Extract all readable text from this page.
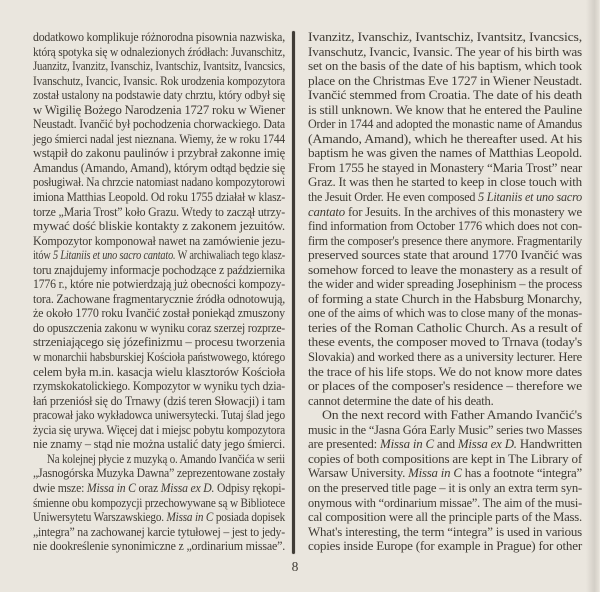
dodatkowo komplikuje różnorodna pisownia nazwiska,
którą spotyka się w odnalezionych źródłach: Juvanschitz,
Juanzitz, Ivanzitz, Ivanschiz, Ivantschiz, Ivantsitz, Ivancsics,
Ivanschutz, Ivancic, Ivansic. Rok urodzenia kompozytora
został ustalony na podstawie daty chrztu, który odbył się
w Wigilię Bożego Narodzenia 1727 roku w Wiener
Neustadt. Ivančić był pochodzenia chorwackiego. Data
jego śmierci nadal jest nieznana. Wiemy, że w roku 1744
wstąpił do zakonu paulinów i przybrał zakonne imię
Amandus (Amando, Amand), którym odtąd będzie się
posługiwał. Na chrzcie natomiast nadano kompozytorowi
imiona Matthias Leopold. Od roku 1755 działał w klasz-
torze „Maria Trost” koło Grazu. Wtedy to zaczął utrzy-
mywać dość bliskie kontakty z zakonem jezuitów.
Kompozytor komponował nawet na zamówienie jezu-
itów 5 Litaniis et uno sacro cantato. W archiwaliach tego klasz-
toru znajdujemy informacje pochodzące z października
1776 r., które nie potwierdzają już obecności kompozy-
tora. Zachowane fragmentarycznie źródła odnotowują,
że około 1770 roku Ivančić został poniekąd zmuszony
do opuszczenia zakonu w wyniku coraz szerzej rozprze-
strzeniającego się józefinizmu – procesu tworzenia
w monarchii habsburskiej Kościoła państwowego, którego
celem była m.in. kasacja wielu klasztorów Kościoła
rzymskokatolickiego. Kompozytor w wyniku tych dzia-
łań przeniósł się do Trnawy (dziś teren Słowacji) i tam
pracował jako wykładowca uniwersytecki. Tutaj ślad jego
życia się urywa. Więcej dat i miejsc pobytu kompozytora
nie znamy – stąd nie można ustalić daty jego śmierci.
Na kolejnej płycie z muzyką o. Amando Ivančića w serii
„Jasnogórska Muzyka Dawna” zeprezentowane zostały
dwie msze: Missa in C oraz Missa ex D. Odpisy rękopi-
śmienne obu kompozycji przechowywane są w Bibliotece
Uniwersytetu Warszawskiego. Missa in C posiada dopisek
„integra” na zachowanej karcie tytułowej – jest to jedy-
nie dookreślenie synonimiczne z „ordinarium missae”.
Ivanzitz, Ivanschiz, Ivantschiz, Ivantsitz, Ivancsics,
Ivanschutz, Ivancic, Ivansic. The year of his birth was
set on the basis of the date of his baptism, which took
place on the Christmas Eve 1727 in Wiener Neustadt.
Ivančić stemmed from Croatia. The date of his death
is still unknown. We know that he entered the Pauline
Order in 1744 and adopted the monastic name of Amandus
(Amando, Amand), which he thereafter used. At his
baptism he was given the names of Matthias Leopold.
From 1755 he stayed in Monastery “Maria Trost” near
Graz. It was then he started to keep in close touch with
the Jesuit Order. He even composed 5 Litaniis et uno sacro
cantato for Jesuits. In the archives of this monastery we
find information from October 1776 which does not con-
firm the composer's presence there anymore. Fragmentarily
preserved sources state that around 1770 Ivančić was
somehow forced to leave the monastery as a result of
the wider and wider spreading Josephinism – the process
of forming a state Church in the Habsburg Monarchy,
one of the aims of which was to close many of the monas-
teries of the Roman Catholic Church. As a result of
these events, the composer moved to Trnava (today's
Slovakia) and worked there as a university lecturer. Here
the trace of his life stops. We do not know more dates
or places of the composer's residence – therefore we
cannot determine the date of his death.
On the next record with Father Amando Ivančić's
music in the “Jasna Góra Early Music” series two Masses
are presented: Missa in C and Missa ex D. Handwritten
copies of both compositions are kept in The Library of
Warsaw University. Missa in C has a footnote “integra”
on the preserved title page – it is only an extra term syn-
onymous with “ordinarium missae”. The aim of the musi-
cal composition were all the principle parts of the Mass.
What's interesting, the term “integra” is used in various
copies inside Europe (for example in Prague) for other
8
